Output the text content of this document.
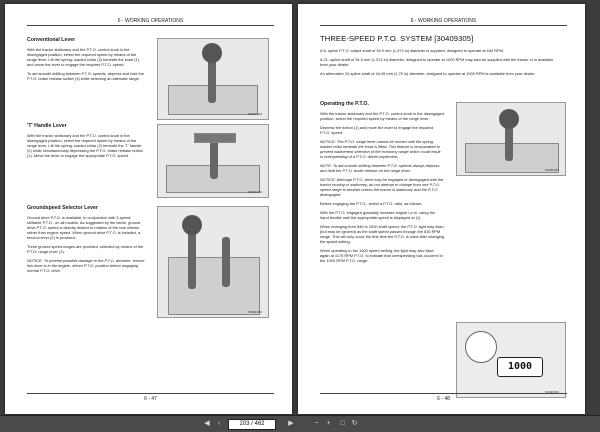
6 - WORKING OPERATIONS
Conventional Lever
With the tractor stationary and the P.T.O. control knob is the disengaged position, select the required speed by means of the range lever. Lift the spring- loaded collar (2) beneath the knob (1) and move the lever to engage the required P.T.O. speed.
To aid smooth shifting between P.T.O. speeds, depress and hold the P.T.O. brake release switch (3) while selecting an alternate range.
SS09F039
'T' Handle Lever
With the tractor stationary and the P.T.O. control knob in the disengaged position, select the required speed by means of the range lever. Lift the spring- loaded collar (2) beneath the 'T' handle (2) while simultaneously depressing the P.T.O. brake release button (1). Move the lever to engage the appropriate P.T.O. speed.
SS09F049
Groundspeed Selector Lever
Ground drive P.T.O. is available, in conjunction with 3-speed, shiftable P.T.O., on all models. As suggested by the name, ground drive P.T.O. speed is directly related to rotation of the rear wheels rather than engine speed. When ground drive P.T.O. is installed, a second lever (2) is provided.
Three ground speed ranges are provided, selected by means of the P.T.O. range lever (1).
NOTICE: To prevent possible damage to the P.T.O. driveline, ensure this lever is in the engine- driven P.T.O. position before engaging normal P.T.O. drive.
SS09F050
6 - 47
6 - WORKING OPERATIONS
THREE-SPEED P.T.O. SYSTEM [30409305]
A 6- spline P.T.O. output shaft of 34.9 mm (1.374 in) diameter is supplied, designed to operate at 540 RPM.
A 21- spline shaft of 34.9 mm (1.374 in) diameter, designed to operate at 1000 RPM may also be supplied with the tractor or is available from your dealer.
An alternative 20-spline shaft of 44.45 mm (1.75 in) diameter, designed to operate at 1000 RPM is available from your dealer.
Operating the P.T.O.
With the tractor stationary and the P.T.O. control knob in the disengaged position, select the required speed by means of the range lever.
Depress the button (1) and move the lever to engage the required P.T.O. speed.
NOTICE: The P.T.O. range lever cannot be moved until the spring- loaded collar beneath the knob is lifted. This feature is incorporated to prevent inadvertent selection of the economy range which could result in overspeeding of a P.T.O. driven implement.
NOTE: To aid smooth shifting between P.T.O. speeds always depress and hold the P.T.O. brake release on the range lever.
NOTICE: Although P.T.O. drive may be engaged or disengaged with the tractor moving or stationary, do not attempt to change from one P.T.O. speed range to another unless the tractor is stationary and the P.T.O. disengaged.
Before engaging the P.T.O., select a P.T.O. ratio, as follows.
With the P.T.O. engaged gradually increase engine r.p.m. using the hand throttle until the appropriate speed is displayed at (1).
When changing from 540 to 1000 shaft speed, the P.T.O. light may flash (but may be ignored) as the shaft speed passes through the 630 RPM range. This will only occur the first time the P.T.O. is used after changing the speed setting.
When operating in the 1000 speed setting, the light may also flash again at 1170 RPM P.T.O. to indicate that overspeeding has occurred in the 1000 RPM P.T.O. range.
SS09F045
1000
SS09F051
6 - 48
◀	‹	203 / 462	▶	−	+	□ ↻
